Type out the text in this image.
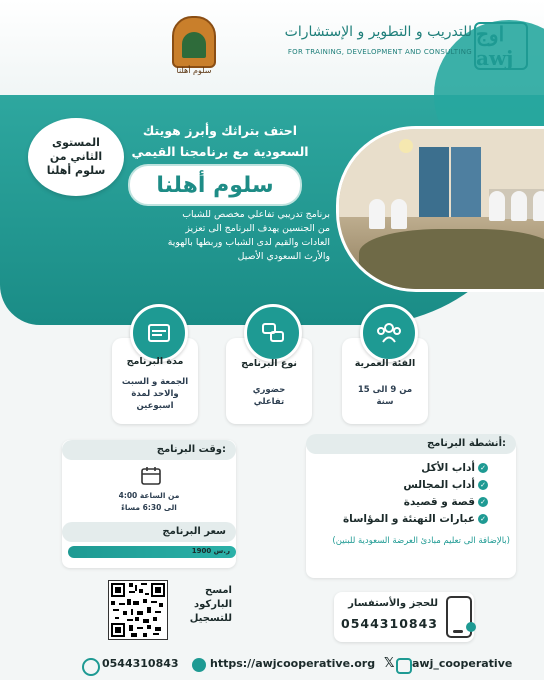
اوج awj
للتدريب و التطوير و الإستشارات
FOR TRAINING, DEVELOPMENT AND CONSULTING
سلوم أهلنا
المستوى
الثاني من
سلوم أهلنا
احتف بتراثك وأبرز هويتك
السعودية مع برنامجنا القيمي
سلوم أهلنا
برنامج تدريبي تفاعلي مخصص للشباب
من الجنسين يهدف البرنامج الى تعزيز
العادات والقيم لدى الشباب وربطها بالهوية
والأرث السعودي الأصيل
مدة البرنامج
الجمعة و السبت
والاحد لمدة
اسبوعين
نوع البرنامج
حضوري
تفاعلي
الفئة العمرية
من 9 الى 15
سنة
وقت البرنامج:
من الساعة 4:00
الى 6:30 مساءً
سعر البرنامج
1900 ر.س
أنشطة البرنامج:
أداب الأكل ✓
أداب المجالس ✓
قصة و قصيدة ✓
عبارات التهنئة و المؤاساة ✓
(بالإضافة الى تعليم مبادئ العرضة السعودية للبنين)
امسح
الباركود
للتسجيل
للحجز والأستفسار
0544310843
0544310843	https://awjcooperative.org 𝕏 awj_cooperative
